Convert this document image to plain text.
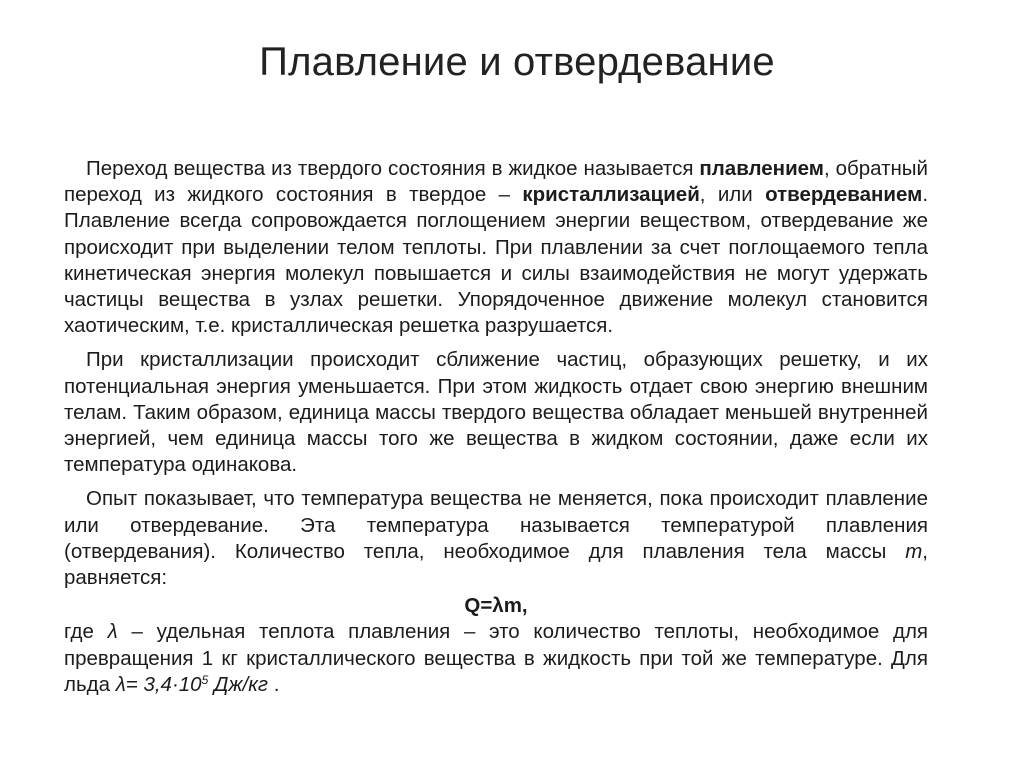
Плавление и отвердевание

Переход вещества из твердого состояния в жидкое называется плавлением, обратный переход из жидкого состояния в твердое – кристаллизацией, или отвердеванием. Плавление всегда сопровождается поглощением энергии веществом, отвердевание же происходит при выделении телом теплоты. При плавлении за счет поглощаемого тепла кинетическая энергия молекул повышается и силы взаимодействия не могут удержать частицы вещества в узлах решетки. Упорядоченное движение молекул становится хаотическим, т.е. кристаллическая решетка разрушается.

При кристаллизации происходит сближение частиц, образующих решетку, и их потенциальная энергия уменьшается. При этом жидкость отдает свою энергию внешним телам. Таким образом, единица массы твердого вещества обладает меньшей внутренней энергией, чем единица массы того же вещества в жидком состоянии, даже если их температура одинакова.

Опыт показывает, что температура вещества не меняется, пока происходит плавление или отвердевание. Эта температура называется температурой плавления (отвердевания). Количество тепла, необходимое для плавления тела массы m, равняется:

Q=λm,

где λ – удельная теплота плавления – это количество теплоты, необходимое для превращения 1 кг кристаллического вещества в жидкость при той же температуре. Для льда $\lambda= 3,4\cdot 10^5$ Дж/кг .
